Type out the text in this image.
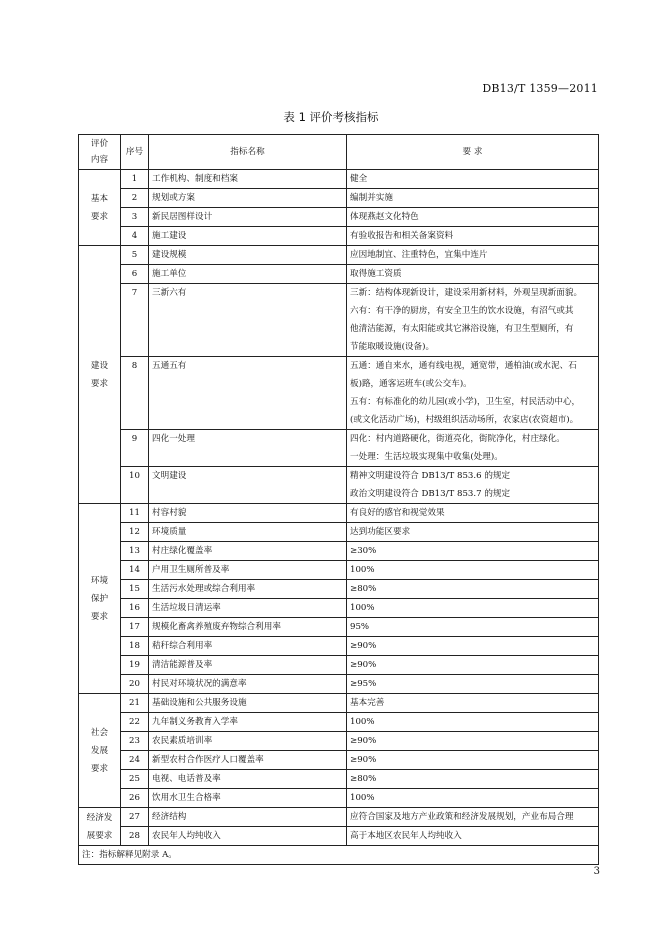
DB13/T 1359—2011
表 1 评价考核指标
评价
内容	序号	指标名称	要 求

基本
要求	1	工作机构、制度和档案	健全

	2	规划或方案	编制并实施

	3	新民居图样设计	体现燕赵文化特色

	4	施工建设	有验收报告和相关备案资料

建设
要求	5	建设规模	应因地制宜、注重特色，宜集中连片

	6	施工单位	取得施工资质

	7	三新六有	三新：结构体现新设计，建设采用新材料，外观呈现新面貌。
六有：有干净的厨房，有安全卫生的饮水设施，有沼气或其
他清洁能源，有太阳能或其它淋浴设施，有卫生型厕所，有
节能取暖设施(设备)。

	8	五通五有	五通：通自来水，通有线电视，通宽带，通柏油(或水泥、石
板)路，通客运班车(或公交车)。
五有：有标准化的幼儿园(或小学)，卫生室，村民活动中心，
(或文化活动广场)，村级组织活动场所，农家店(农资超市)。

	9	四化一处理	四化：村内道路硬化，街道亮化，街院净化，村庄绿化。
一处理：生活垃圾实现集中收集(处理)。

	10	文明建设	精神文明建设符合 DB13/T 853.6 的规定
政治文明建设符合 DB13/T 853.7 的规定

环境
保护
要求	11	村容村貌	有良好的感官和视觉效果

	12	环境质量	达到功能区要求

	13	村庄绿化覆盖率	≥30%

	14	户用卫生厕所普及率	100%

	15	生活污水处理或综合利用率	≥80%

	16	生活垃圾日清运率	100%

	17	规模化畜禽养殖废弃物综合利用率	95%

	18	秸秆综合利用率	≥90%

	19	清洁能源普及率	≥90%

	20	村民对环境状况的满意率	≥95%

社会
发展
要求	21	基础设施和公共服务设施	基本完善

	22	九年制义务教育入学率	100%

	23	农民素质培训率	≥90%

	24	新型农村合作医疗人口覆盖率	≥90%

	25	电视、电话普及率	≥80%

	26	饮用水卫生合格率	100%

经济发
展要求	27	经济结构	应符合国家及地方产业政策和经济发展规划，产业布局合理

	28	农民年人均纯收入	高于本地区农民年人均纯收入

注：指标解释见附录 A。			
3
